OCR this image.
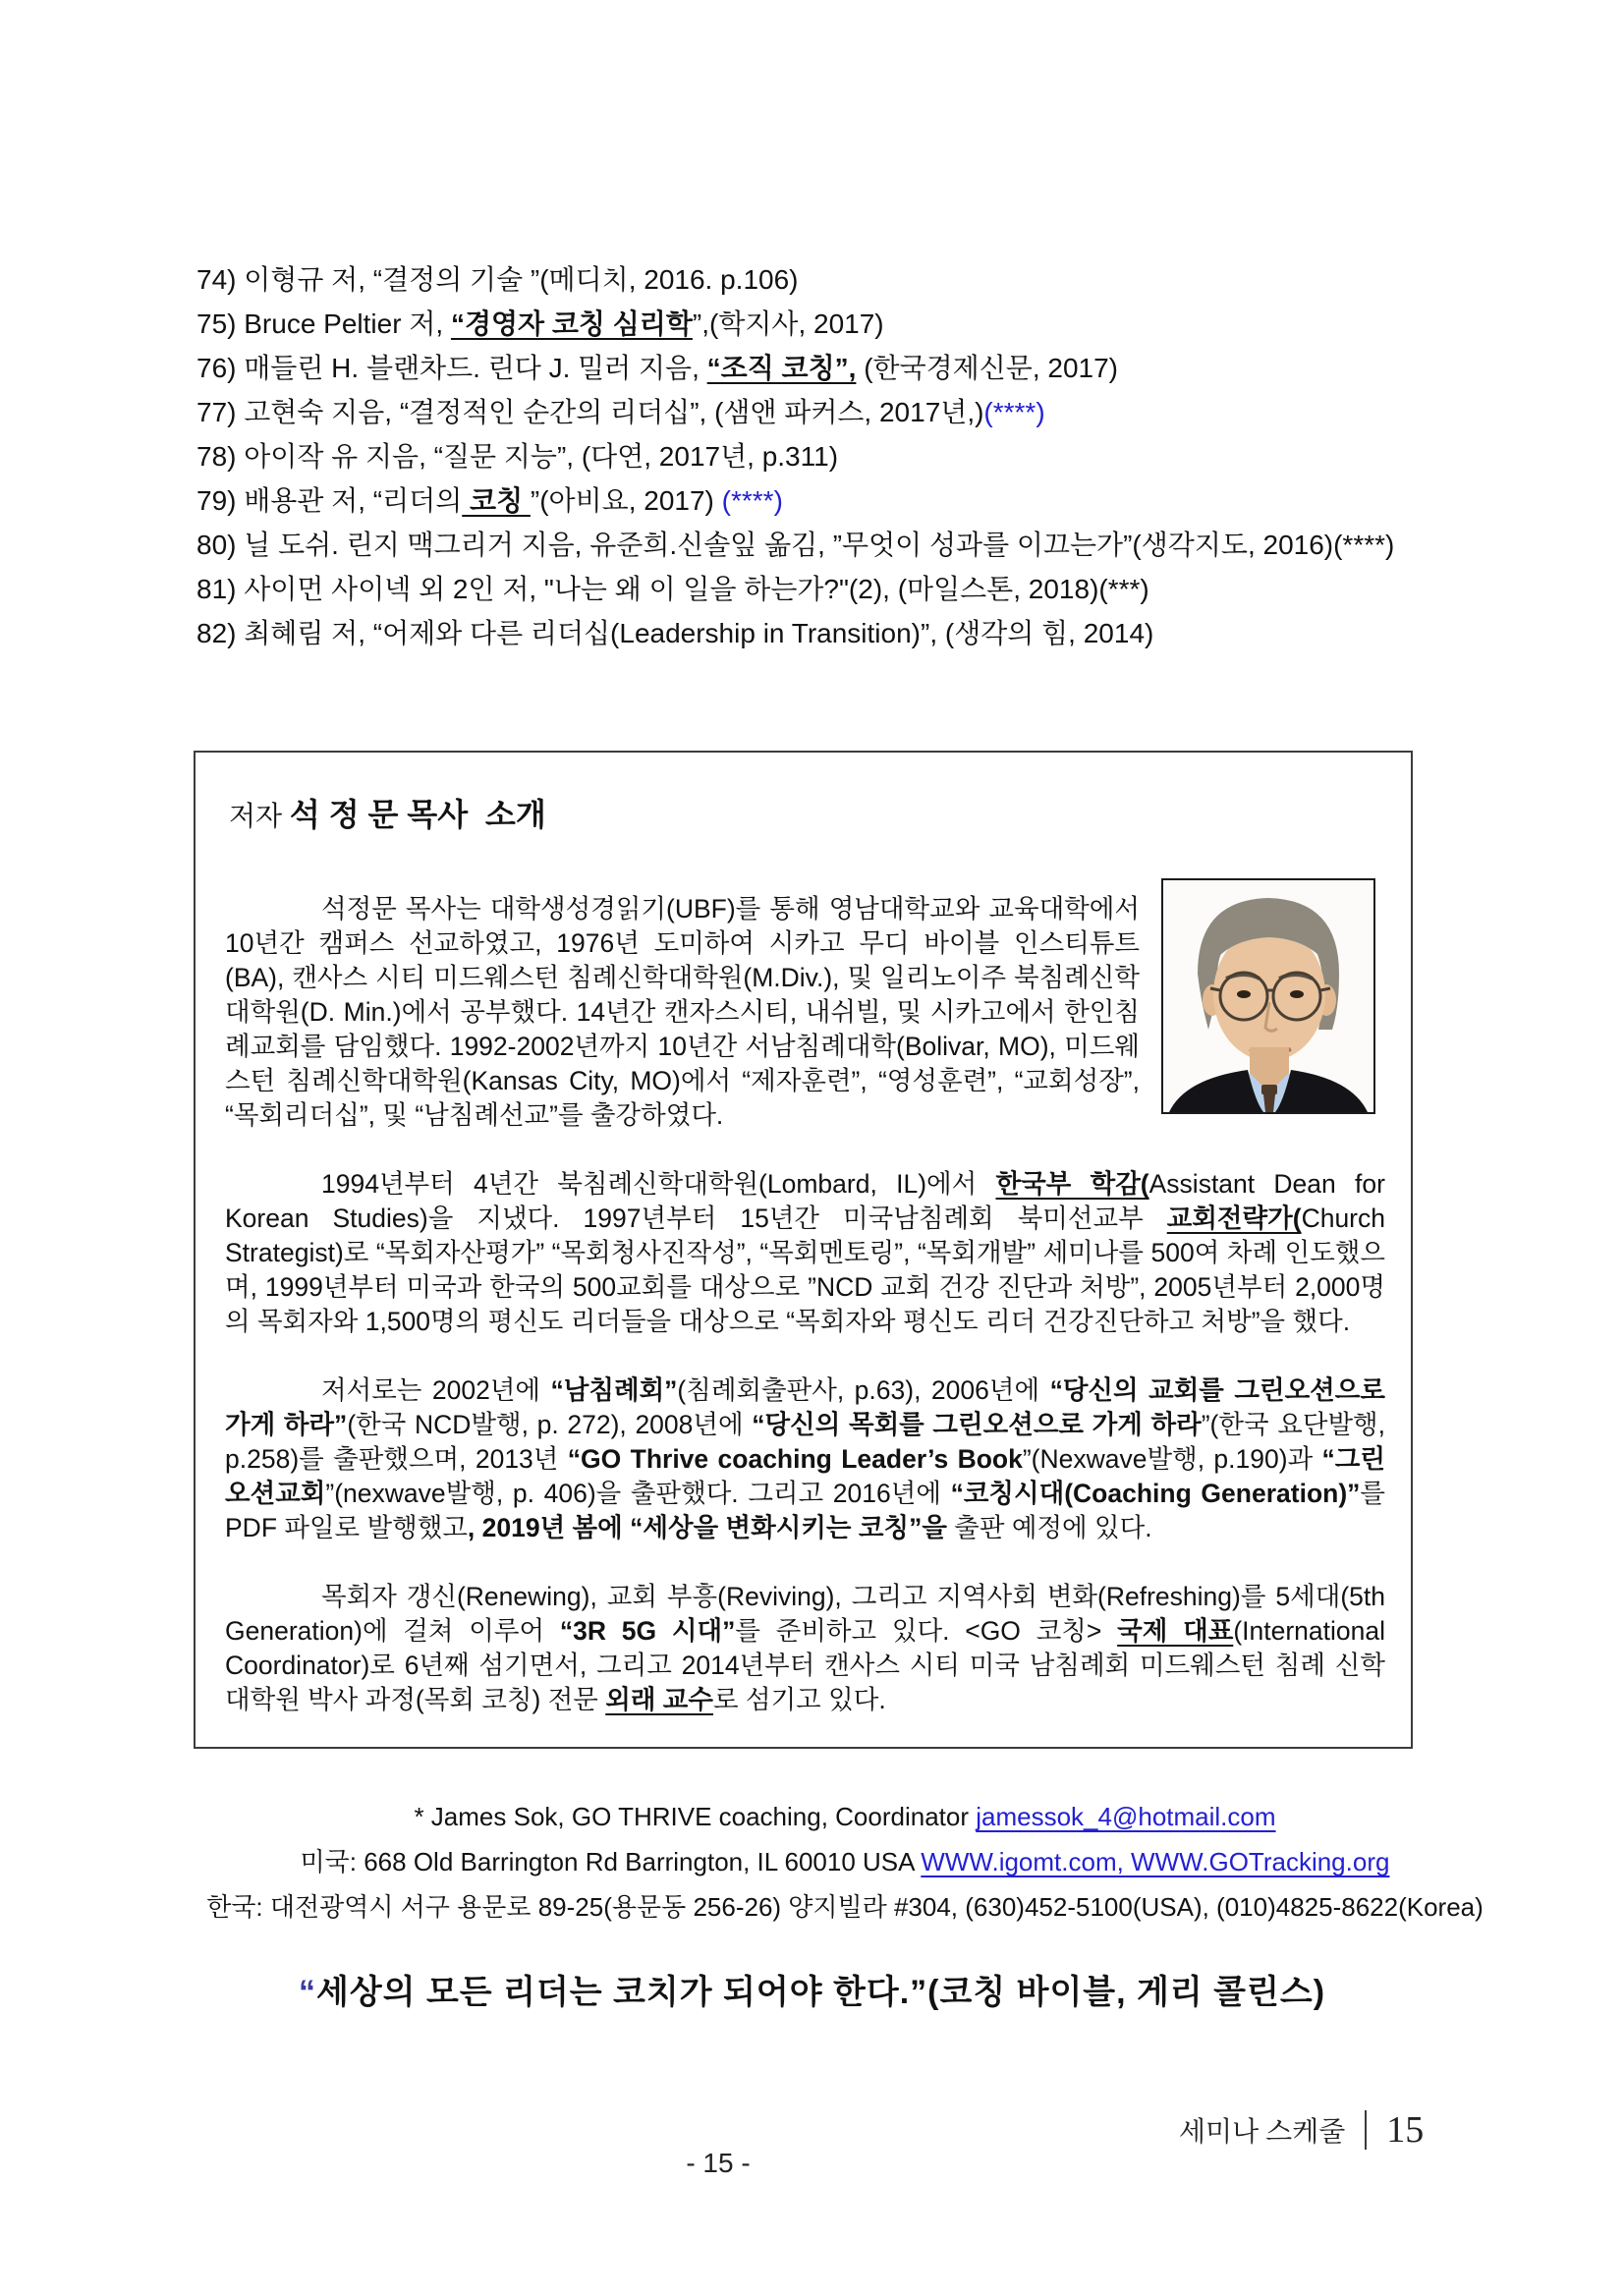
74) 이형규 저, “결정의 기술 ”(메디치, 2016. p.106)
75) Bruce Peltier 저, “경영자 코칭 심리학”,(학지사, 2017)
76) 매들린 H. 블랜차드. 린다 J. 밀러 지음, “조직 코칭”, (한국경제신문, 2017)
77) 고현숙 지음, “결정적인 순간의 리더십”, (샘앤 파커스, 2017년,)(****)
78) 아이작 유 지음, “질문 지능”, (다연, 2017년, p.311)
79) 배용관 저, “리더의 코칭 ”(아비요, 2017) (****)
80) 닐 도쉬. 린지 맥그리거 지음, 유준희.신솔잎 옮김, ”무엇이 성과를 이끄는가”(생각지도, 2016)(****)
81) 사이먼 사이넥 외 2인 저, "나는 왜 이 일을 하는가?"(2), (마일스톤, 2018)(***)
82) 최혜림 저, “어제와 다른 리더십(Leadership in Transition)”, (생각의 힘, 2014)
저자 석 정 문 목사  소개

석정문 목사는 대학생성경읽기(UBF)를 통해 영남대학교와 교육대학에서 10년간 캠퍼스 선교하였고, 1976년 도미하여 시카고 무디 바이블 인스티튜트(BA), 캔사스 시티 미드웨스턴 침례신학대학원(M.Div.), 및 일리노이주 북침례신학대학원(D. Min.)에서 공부했다. 14년간 캔자스시티, 내쉬빌, 및 시카고에서 한인침례교회를 담임했다. 1992-2002년까지 10년간 서남침례대학(Bolivar, MO), 미드웨스턴 침례신학대학원(Kansas City, MO)에서 “제자훈련”, “영성훈련”, “교회성장”, “목회리더십”, 및 “남침례선교”를 출강하였다.

1994년부터 4년간 북침례신학대학원(Lombard, IL)에서 한국부 학감(Assistant Dean for Korean Studies)을 지냈다. 1997년부터 15년간 미국남침례회 북미선교부 교회전략가(Church Strategist)로 “목회자산평가” “목회청사진작성”, “목회멘토링”, “목회개발” 세미나를 500여 차례 인도했으며, 1999년부터 미국과 한국의 500교회를 대상으로 ”NCD 교회 건강 진단과 처방”, 2005년부터 2,000명의 목회자와 1,500명의 평신도 리더들을 대상으로 “목회자와 평신도 리더 건강진단하고 처방”을 했다.

저서로는 2002년에 “남침례회”(침례회출판사, p.63), 2006년에 “당신의 교회를 그린오션으로 가게 하라”(한국 NCD발행, p. 272), 2008년에 “당신의 목회를 그린오션으로 가게 하라”(한국 요단발행, p.258)를 출판했으며, 2013년 “GO Thrive coaching Leader’s Book”(Nexwave발행, p.190)과 “그린오션교회”(nexwave발행, p. 406)을 출판했다. 그리고 2016년에 “코칭시대(Coaching Generation)”를 PDF 파일로 발행했고, 2019년 봄에 “세상을 변화시키는 코칭”을 출판 예정에 있다.

목회자 갱신(Renewing), 교회 부흥(Reviving), 그리고 지역사회 변화(Refreshing)를 5세대(5th Generation)에 걸쳐 이루어 “3R 5G 시대”를 준비하고 있다. <GO 코칭> 국제 대표(International Coordinator)로 6년째 섬기면서, 그리고 2014년부터 캔사스 시티 미국 남침례회 미드웨스턴 침례 신학 대학원 박사 과정(목회 코칭) 전문 외래 교수로 섬기고 있다.

* James Sok, GO THRIVE coaching, Coordinator jamessok_4@hotmail.com
미국: 668 Old Barrington Rd Barrington, IL 60010 USA WWW.igomt.com, WWW.GOTracking.org
한국: 대전광역시 서구 용문로 89-25(용문동 256-26) 양지빌라 #304, (630)452-5100(USA), (010)4825-8622(Korea)
“세상의 모든 리더는 코치가 되어야 한다.”(코칭 바이블, 게리 콜린스)
- 15 -
세미나 스케줄 15
